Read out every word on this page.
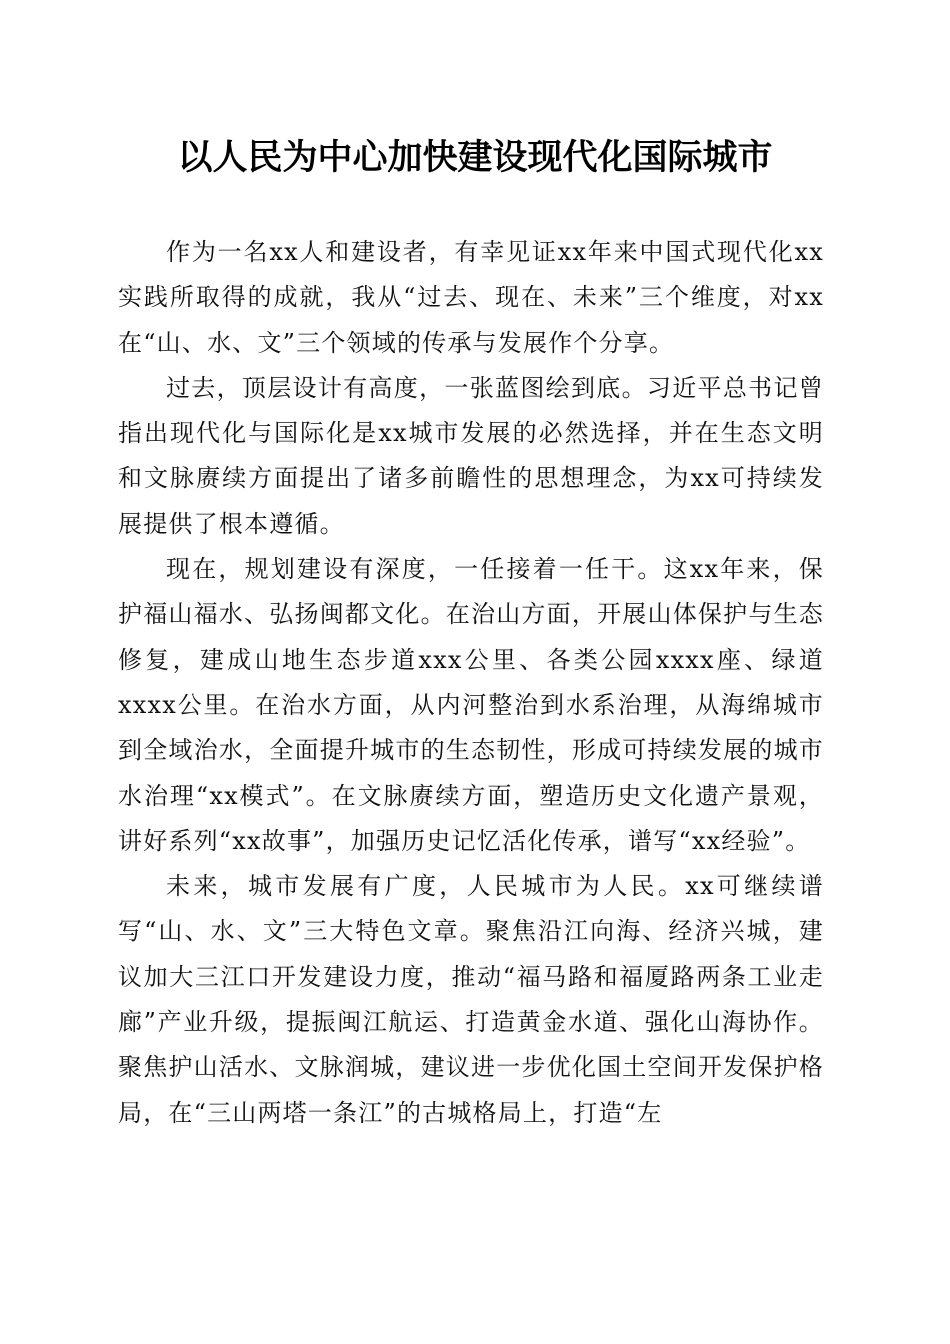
以人民为中心加快建设现代化国际城市

作为一名xx人和建设者，有幸见证xx年来中国式现代化xx实践所取得的成就，我从“过去、现在、未来”三个维度，对xx在“山、水、文”三个领域的传承与发展作个分享。

过去，顶层设计有高度，一张蓝图绘到底。习近平总书记曾指出现代化与国际化是xx城市发展的必然选择，并在生态文明和文脉赓续方面提出了诸多前瞻性的思想理念，为xx可持续发展提供了根本遵循。

现在，规划建设有深度，一任接着一任干。这xx年来，保护福山福水、弘扬闽都文化。在治山方面，开展山体保护与生态修复，建成山地生态步道xxx公里、各类公园xxxx座、绿道xxxx公里。在治水方面，从内河整治到水系治理，从海绵城市到全域治水，全面提升城市的生态韧性，形成可持续发展的城市水治理“xx模式”。在文脉赓续方面，塑造历史文化遗产景观，讲好系列“xx故事”，加强历史记忆活化传承，谱写“xx经验”。

未来，城市发展有广度，人民城市为人民。xx可继续谱写“山、水、文”三大特色文章。聚焦沿江向海、经济兴城，建议加大三江口开发建设力度，推动“福马路和福厦路两条工业走廊”产业升级，提振闽江航运、打造黄金水道、强化山海协作。聚焦护山活水、文脉润城，建议进一步优化国土空间开发保护格局，在“三山两塔一条江”的古城格局上，打造“左
